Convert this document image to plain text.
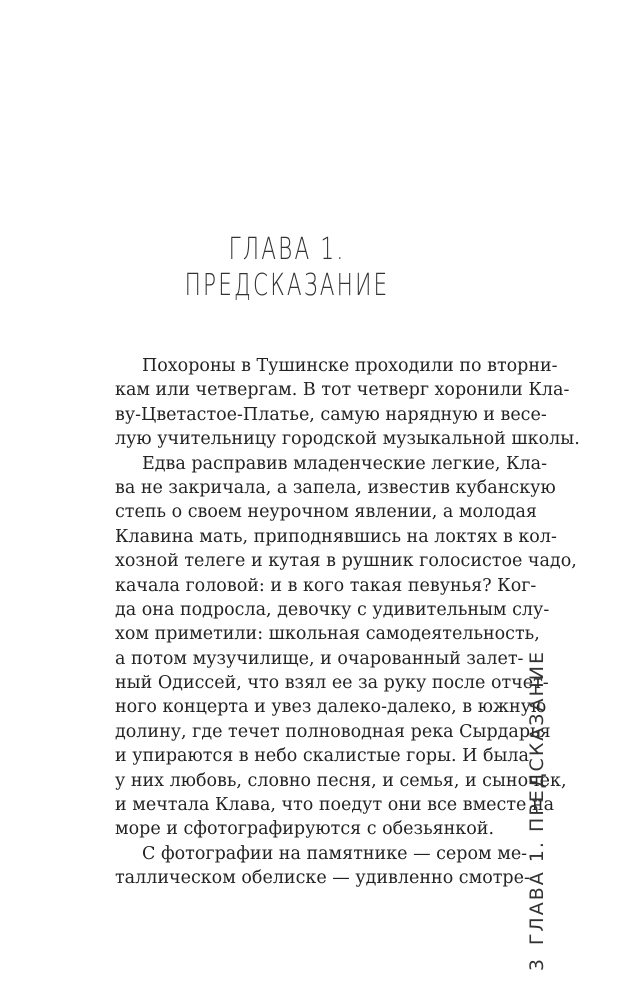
ГЛАВА 1.
ПРЕДСКАЗАНИЕ
Похороны в Тушинске проходили по вторни-
кам или четвергам. В тот четверг хоронили Кла-
ву-Цветастое-Платье, самую нарядную и весе-
лую учительницу городской музыкальной школы.
Едва расправив младенческие легкие, Кла-
ва не закричала, а запела, известив кубанскую
степь о своем неурочном явлении, а молодая
Клавина мать, приподнявшись на локтях в кол-
хозной телеге и кутая в рушник голосистое чадо,
качала головой: и в кого такая певунья? Ког-
да она подросла, девочку с удивительным слу-
хом приметили: школьная самодеятельность,
а потом музучилище, и очарованный залет-
ный Одиссей, что взял ее за руку после отчет-
ного концерта и увез далеко-далеко, в южную
долину, где течет полноводная река Сырдарья
и упираются в небо скалистые горы. И была
у них любовь, словно песня, и семья, и сыночек,
и мечтала Клава, что поедут они все вместе на
море и сфотографируются с обезьянкой.
С фотографии на памятнике — сером ме-
таллическом обелиске — удивленно смотре-
ГЛАВА 1. ПРЕДСКАЗАНИЕ
3
